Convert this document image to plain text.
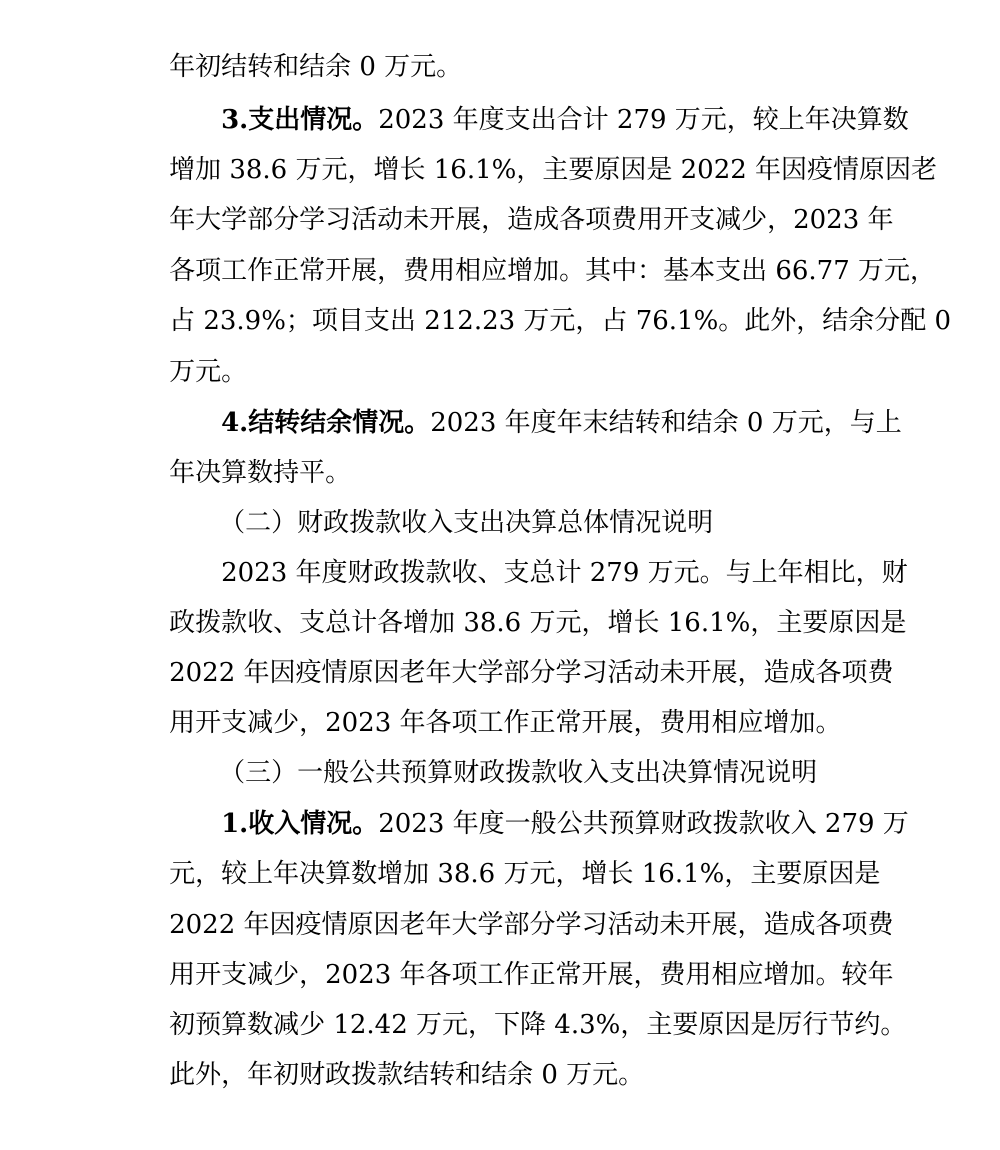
年初结转和结余 0 万元。

3.支出情况。2023 年度支出合计 279 万元，较上年决算数

增加 38.6 万元，增长 16.1%，主要原因是 2022 年因疫情原因老

年大学部分学习活动未开展，造成各项费用开支减少，2023 年

各项工作正常开展，费用相应增加。其中：基本支出 66.77 万元，

占 23.9%；项目支出 212.23 万元，占 76.1%。此外，结余分配 0

万元。

4.结转结余情况。2023 年度年末结转和结余 0 万元，与上

年决算数持平。

（二）财政拨款收入支出决算总体情况说明

2023 年度财政拨款收、支总计 279 万元。与上年相比，财

政拨款收、支总计各增加 38.6 万元，增长 16.1%，主要原因是

2022 年因疫情原因老年大学部分学习活动未开展，造成各项费

用开支减少，2023 年各项工作正常开展，费用相应增加。

（三）一般公共预算财政拨款收入支出决算情况说明

1.收入情况。2023 年度一般公共预算财政拨款收入 279 万

元，较上年决算数增加 38.6 万元，增长 16.1%，主要原因是

2022 年因疫情原因老年大学部分学习活动未开展，造成各项费

用开支减少，2023 年各项工作正常开展，费用相应增加。较年

初预算数减少 12.42 万元，下降 4.3%，主要原因是厉行节约。

此外，年初财政拨款结转和结余 0 万元。
